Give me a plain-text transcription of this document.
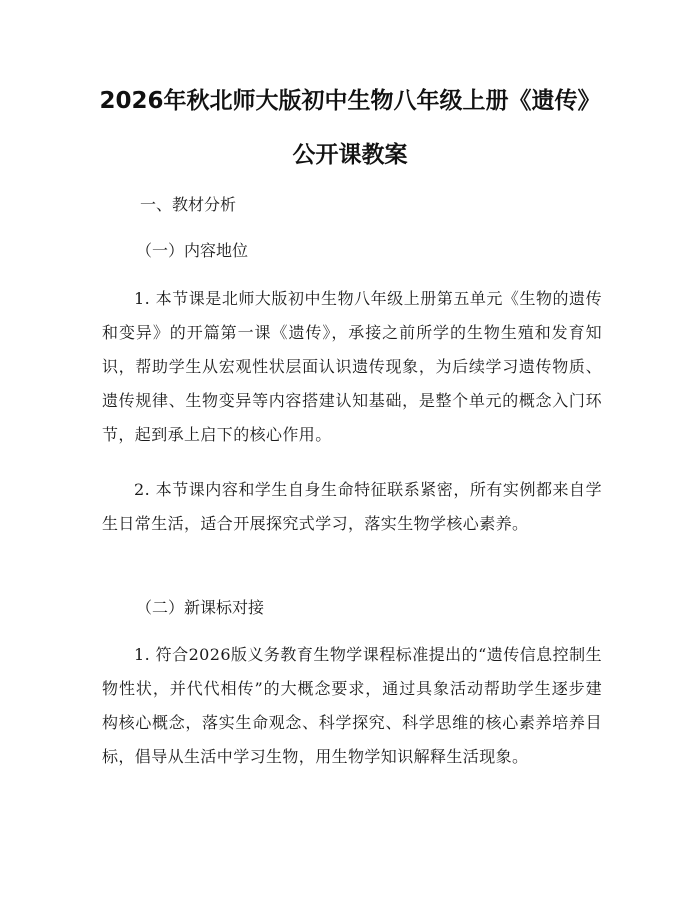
2026年秋北师大版初中生物八年级上册《遗传》公开课教案

一、教材分析

（一）内容地位

1. 本节课是北师大版初中生物八年级上册第五单元《生物的遗传和变异》的开篇第一课《遗传》，承接之前所学的生物生殖和发育知识，帮助学生从宏观性状层面认识遗传现象，为后续学习遗传物质、遗传规律、生物变异等内容搭建认知基础，是整个单元的概念入门环节，起到承上启下的核心作用。

2. 本节课内容和学生自身生命特征联系紧密，所有实例都来自学生日常生活，适合开展探究式学习，落实生物学核心素养。

（二）新课标对接

1. 符合2026版义务教育生物学课程标准提出的“遗传信息控制生物性状，并代代相传”的大概念要求，通过具象活动帮助学生逐步建构核心概念，落实生命观念、科学探究、科学思维的核心素养培养目标，倡导从生活中学习生物，用生物学知识解释生活现象。
